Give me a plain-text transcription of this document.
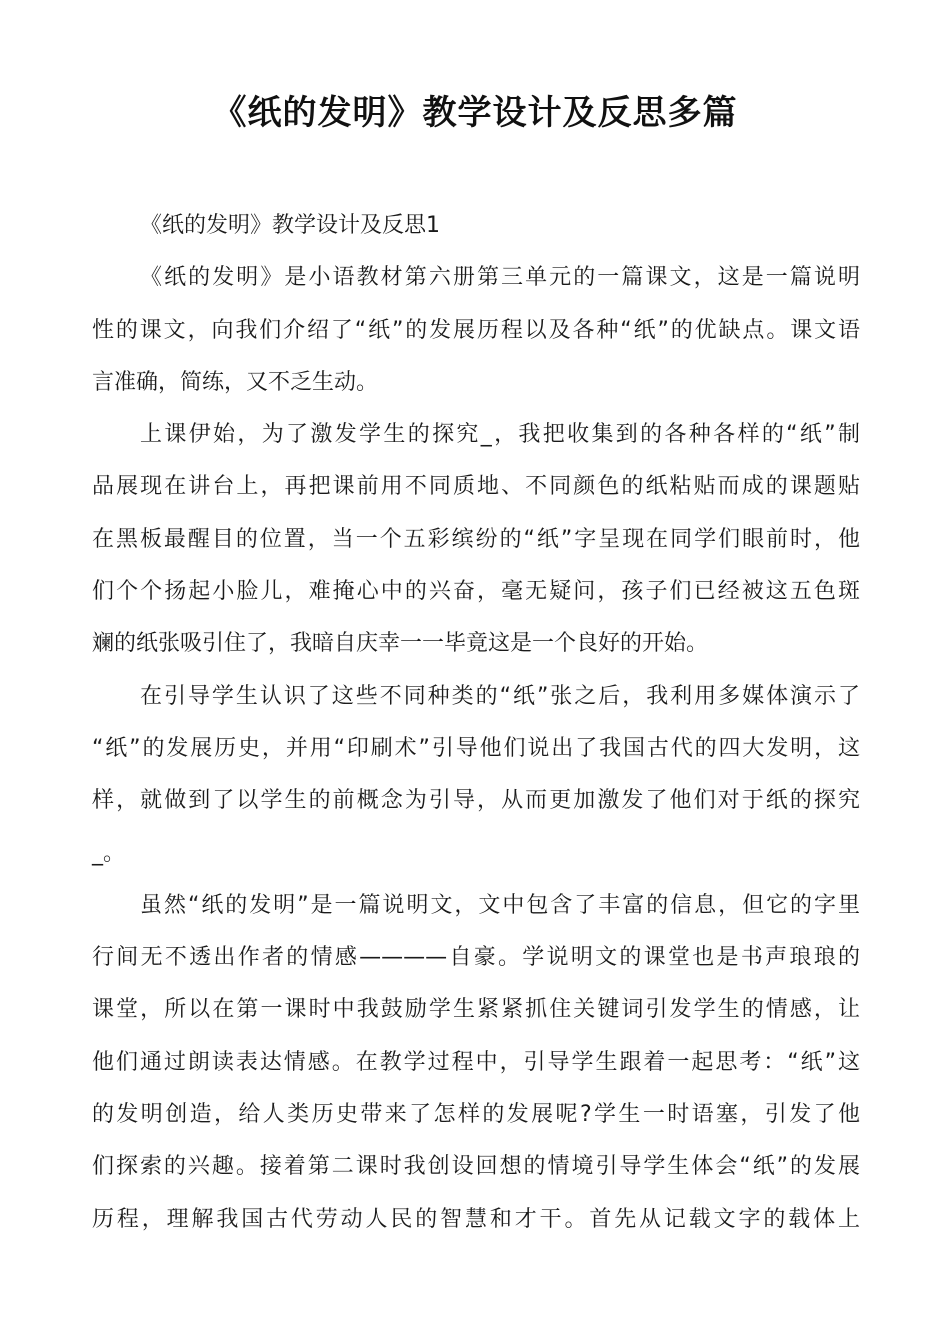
《纸的发明》教学设计及反思多篇
《纸的发明》教学设计及反思1
《纸的发明》是小语教材第六册第三单元的一篇课文，这是一篇说明
性的课文，向我们介绍了“纸”的发展历程以及各种“纸”的优缺点。课文语
言准确，简练，又不乏生动。
上课伊始，为了激发学生的探究_，我把收集到的各种各样的“纸”制
品展现在讲台上，再把课前用不同质地、不同颜色的纸粘贴而成的课题贴
在黑板最醒目的位置，当一个五彩缤纷的“纸”字呈现在同学们眼前时，他
们个个扬起小脸儿，难掩心中的兴奋，毫无疑问，孩子们已经被这五色斑
斓的纸张吸引住了，我暗自庆幸一一毕竟这是一个良好的开始。
在引导学生认识了这些不同种类的“纸”张之后，我利用多媒体演示了
“纸”的发展历史，并用“印刷术”引导他们说出了我国古代的四大发明，这
样，就做到了以学生的前概念为引导，从而更加激发了他们对于纸的探究
_。
虽然“纸的发明”是一篇说明文，文中包含了丰富的信息，但它的字里
行间无不透出作者的情感————自豪。学说明文的课堂也是书声琅琅的
课堂，所以在第一课时中我鼓励学生紧紧抓住关键词引发学生的情感，让
他们通过朗读表达情感。在教学过程中，引导学生跟着一起思考：“纸”这
的发明创造，给人类历史带来了怎样的发展呢?学生一时语塞，引发了他
们探索的兴趣。接着第二课时我创设回想的情境引导学生体会“纸”的发展
历程，理解我国古代劳动人民的智慧和才干。首先从记载文字的载体上
